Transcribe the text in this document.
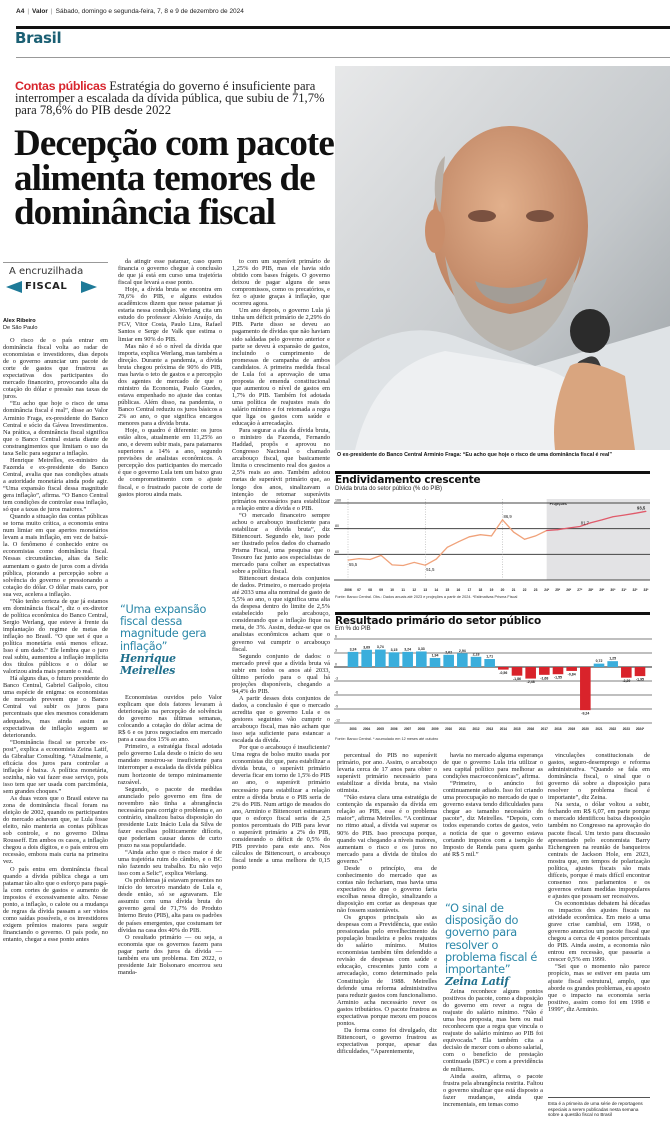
A4 | Valor | Sábado, domingo e segunda-feira, 7, 8 e 9 de dezembro de 2024
Brasil
Contas públicas Estratégia do governo é insuficiente para interromper a escalada da dívida pública, que subiu de 71,7% para 78,6% do PIB desde 2022
Decepção com pacote alimenta temores de dominância fiscal
O ex-presidente do Banco Central Arminio Fraga: “Eu acho que hoje o risco de uma dominância fiscal é real”
Endividamento crescente
Dívida bruta do setor público (% do PIB)
Projeções
100
80
60
55,5
51,5
86,9
81,7
93,5
2006 07 08 09 10 11 12 13 14 15 16 17 18 19 20 21 22 23 24* 25* 26* 27* 28* 29* 30* 31* 32* 33*
Fonte: Banco Central. Obs.: Dados anuais até 2023 e projeções a partir de 2024. *Estimativas Prisma Fiscal
Resultado primário do setor público
Em % do PIB
6
3
0
-3
-6
-9
-12
3,24
2003
3,69
2004
3,74
2005
3,15
2006
3,24
2007
3,33
2008
1,94
2009
2,62
2010
2,94
2011
2,18
2012
1,71
2013
-0,56
2014
-1,86
2015
-2,48
2016
-1,68
2017
-1,55
2018
-0,84
2019
-9,24
2020
0,72
2021
1,25
2022
-2,29
2023
-1,95
2024*
Fonte: Banco Central. * acumulado em 12 meses até outubro
A encruzilhada
FISCAL
Alex Ribeiro
De São Paulo

O risco de o país entrar em dominância fiscal volta ao radar de economistas e investidores, dias depois de o governo anunciar um pacote de corte de gastos que frustrou as expectativas dos participantes do mercado financeiro, provocando alta da cotação do dólar e pressão nas taxas de juros.

“Eu acho que hoje o risco de uma dominância fiscal é real”, disse ao Valor Arminio Fraga, ex-presidente do Banco Central e sócio da Gávea Investimentos. Na prática, a dominância fiscal significa que o Banco Central estaria diante de constrangimentos que limitam o uso da taxa Selic para segurar a inflação.

Henrique Meirelles, ex-ministro da Fazenda e ex-presidente do Banco Central, avalia que nas condições atuais a autoridade monetária ainda pode agir. “Uma expansão fiscal dessa magnitude gera inflação”, afirma. “O Banco Central tem condições de controlar essa inflação, só que a taxas de juros maiores.”

Quando a situação das contas públicas se torna muito crítica, a economia entra num limiar em que apertos monetários levam a mais inflação, em vez de baixá-la. O fenômeno é conhecido entre os economistas como dominância fiscal. Nessas circunstâncias, altas da Selic aumentam o gasto de juros com a dívida pública, piorando a percepção sobre a solvência do governo e pressionando a cotação do dólar. O dólar mais caro, por sua vez, acelera a inflação.

“Não tenho certeza de que já estamos em dominância fiscal”, diz o ex-diretor de política econômica do Banco Central, Sergio Werlang, que esteve à frente da implantação do regime de metas de inflação no Brasil. “O que sei é que a política monetária está menos eficaz. Isso é um dado.” Ele lembra que o juro real subiu, aumentou a inflação implícita dos títulos públicos e o dólar se valorizou ainda mais perante o real.

Há alguns dias, o futuro presidente do Banco Central, Gabriel Galípolo, citou uma espécie de enigma: os economistas de mercado preveem que o Banco Central vai subir os juros para percentuais que eles mesmos consideram adequados, mas ainda assim as expectativas de inflação seguem se deteriorando.

“Dominância fiscal se percebe ex-post”, explica a economista Zeina Latif, da Gibraltar Consulting. “Atualmente, a eficácia dos juros para controlar a inflação é baixa. A política monetária, sozinha, não vai fazer esse serviço, pois isso tem que ser usada com parcimônia, sem grandes choques.”

As duas vezes que o Brasil esteve na zona de dominância fiscal foram na eleição de 2002, quando os participantes do mercado achavam que, se Lula fosse eleito, não manteria as contas públicas sob controle, e no governo Dilma Rousseff. Em ambos os casos, a inflação chegou a dois dígitos, e o país entrou em recessão, embora mais curta na primeira vez.

O país entra em dominância fiscal quando a dívida pública chega a um patamar tão alto que o esforço para pagá-la com cortes de gastos e aumento de impostos é excessivamente alto. Nesse ponto, a inflação, o calote ou a mudança de regras da dívida passam a ser vistos como saídas possíveis, e os investidores exigem prêmios maiores para seguir financiando o governo. O país pode, no entanto, chegar a esse ponto antes

da atingir esse patamar, caso quem financia o governo chegue à conclusão de que já está em curso uma trajetória fiscal que levará a esse ponto.

Hoje, a dívida bruta se encontra em 78,6% do PIB, e alguns estudos acadêmicos dizem que nesse patamar já estaria nessa condição. Werlang cita um estudo do professor Aloísio Araújo, da FGV, Vitor Costa, Paulo Lins, Rafael Santos e Serge de Valk que estima o limiar em 90% do PIB.

Mas não é só o nível da dívida que importa, explica Werlang, mas também a direção. Durante a pandemia, a dívida bruta chegou próxima de 90% do PIB, mas havia o teto de gastos e a percepção dos agentes de mercado de que o ministro da Economia, Paulo Guedes, estava empenhado no ajuste das contas públicas. Além disso, na pandemia, o Banco Central reduziu os juros básicos a 2% ao ano, o que significa encargos menores para a dívida bruta.

Hoje, o quadro é diferente: os juros estão altos, atualmente em 11,25% ao ano, e devem subir mais, para patamares superiores a 14% a ano, segundo previsões de analistas econômicos. A percepção dos participantes do mercado é que o governo Lula tem um baixo grau de comprometimento com o ajuste fiscal, e o frustrado pacote de corte de gastos piorou ainda mais.

“Uma expansão fiscal dessa magnitude gera inflação”
Henrique Meirelles

Economistas ouvidos pelo Valor explicam que dois fatores levaram à deterioração na percepção de solvência do governo nas últimas semanas, colocando a cotação do dólar acima de R$ 6 e os juros negociados em mercado para a casa dos 15% ao ano.

Primeiro, a estratégia fiscal adotada pelo governo Lula desde o início do seu mandato mostrou-se insuficiente para interromper a escalada da dívida pública num horizonte de tempo minimamente razoável.

Segundo, o pacote de medidas anunciado pelo governo em fins de novembro não tinha a abrangência necessária para corrigir o problema e, ao contrário, sinalizou baixa disposição do presidente Luiz Inácio Lula da Silva de fazer escolhas politicamente difíceis, que poderiam causar danos de curto prazo na sua popularidade.

“Ainda acho que o risco maior é de uma trajetória ruim do câmbio, e o BC não fazendo seu trabalho. Eu não vejo isso com a Selic”, explica Werlang.

Os problemas já estavam presentes no início do terceiro mandato de Lula e, desde então, só se agravaram. Ele assumiu com uma dívida bruta do governo geral de 71,7% do Produto Interno Bruto (PIB), alta para os padrões de países emergentes, que costumam ter dívidas na casa dos 40% do PIB.

O resultado primário — ou seja, a economia que os governos fazem para pagar parte dos juros da dívida — também era um problema. Em 2022, o presidente Jair Bolsonaro encerrou seu manda-

to com um superávit primário de 1,25% do PIB, mas ele havia sido obtido com bases frágeis. O governo deixou de pagar alguns de seus compromissos, como os precatórios, e fez o ajuste graças à inflação, que ocorreu agora.

Um ano depois, o governo Lula já tinha um déficit primário de 2,29% do PIB. Parte disso se deveu ao pagamento de dívidas que não haviam sido saldadas pelo governo anterior e parte se deveu à expansão de gastos, incluindo o cumprimento de promessas de campanha de ambos candidatos. A primeira medida fiscal de Lula foi a aprovação de uma proposta de emenda constitucional que aumentou o nível de gastos em 1,7% do PIB. Também foi adotada uma política de reajustes reais do salário mínimo e foi retomada a regra que liga os gastos com saúde e educação à arrecadação.

Para segurar a alta da dívida bruta, o ministro da Fazenda, Fernando Haddad, propôs e aprovou no Congresso Nacional o chamado arcabouço fiscal, que basicamente limita o crescimento real dos gastos a 2,5% reais ao ano. Também adotou metas de superávit primário que, ao longo dos anos, sinalizavam a intenção de retomar superávits primários necessários para estabilizar a relação entre a dívida e o PIB.

“O mercado financeiro sempre achou o arcabouço insuficiente para estabilizar a dívida bruta”, diz Bittencourt. Segundo ele, isso pode ser ilustrado pelos dados do chamado Prisma Fiscal, uma pesquisa que o Tesouro faz junto aos especialistas de mercado para colher as expectativas sobre a política fiscal.

Bittencourt destaca dois conjuntos de dados. Primeiro, o mercado projeta até 2033 uma alta nominal de gasto de 5,5% ao ano, o que significa uma alta da despesa dentro do limite de 2,5% estabelecido pelo arcabouço, considerando que a inflação fique na meta, de 3%. Assim, deduz-se que os analistas econômicos acham que o governo vai cumprir o arcabouço fiscal.

Segundo conjunto de dados: o mercado prevê que a dívida bruta vá subir em todos os anos até 2033, último período para o qual há projeções disponíveis, chegando a 94,4% do PIB.

A partir desses dois conjuntos de dados, a conclusão é que o mercado acredita que o governo Lula e os gestores seguintes vão cumprir o arcabouço fiscal, mas não acham que isso seja suficiente para estancar a escalada da dívida.

Por que o arcabouço é insuficiente? Uma regra de bolso muito usada por economistas diz que, para estabilizar a dívida bruta, o superávit primário deveria ficar em torno de 1,5% do PIB ao ano, o superávit primário necessário para estabilizar a relação entre a dívida bruta e o PIB seria de 2% do PIB. Num artigo de meados do ano, Arminio e Bittencourt estimaram que o esforço fiscal seria de 2,5 pontos percentuais do PIB para levar o superávit primário a 2% do PIB, considerando o déficit de 0,5% do PIB previsto para este ano. Nos cálculos de Bittencourt, o arcabouço fiscal tende a uma melhora de 0,15 ponto

percentual do PIB no superávit primário, por ano. Assim, o arcabouço levaria cerca de 17 anos para obter o superávit primário necessário para estabilizar a dívida bruta, na visão otimista.

“Não estava clara uma estratégia de contenção da expansão da dívida em relação ao PIB, esse é o problema maior”, afirma Meirelles. “A continuar no ritmo atual, a dívida vai superar os 90% do PIB. Isso preocupa porque, quando vai chegando a níveis maiores, aumentam o risco e os juros no mercado para a dívida de títulos do governo.”

Desde o princípio, era de conhecimento do mercado que as contas não fechariam, mas havia uma expectativa de que o governo faria escolhas nessa direção, sinalizando a disposição em cortar as despesas que não fossem sustentáveis.

Os grupos principais são as despesas com a Previdência, que estão pressionadas pelo envelhecimento da população brasileira e pelos reajustes do salário mínimo. Muitos economistas também têm defendido a revisão de despesas com saúde e educação, crescentes junto com a arrecadação, como determinado pela Constituição de 1988. Meirelles defende uma reforma administrativa para reduzir gastos com funcionalismo. Arminio acha necessário rever os gastos tributários. O pacote frustrou as expectativas porque mexeu em poucos pontos.

Da forma como foi divulgado, diz Bittencourt, o governo frustrou as expectativas porque, apesar das dificuldades, “Aparentemente,

havia no mercado alguma esperança de que o governo Lula iria utilizar o seu capital político para melhorar as condições macroeconômicas”, afirma.

“Primeiro, o anúncio foi continuamente adiado. Isso foi criando uma preocupação no mercado de que o governo estava tendo dificuldades para chegar ao tamanho necessário do pacote”, diz Meirelles. “Depois, com todos esperando cortes de gastos, veio a notícia de que o governo estava cortando impostos com a isenção de Imposto de Renda para quem ganha até R$ 5 mil.”

“O sinal de disposição do governo para resolver o problema fiscal é importante”
Zeina Latif

Zeina reconhece alguns pontos positivos do pacote, como a disposição do governo em rever a regra de reajuste do salário mínimo. “Não é uma boa proposta, mas bem ou mal reconhecem que a regra que vincula o reajuste do salário mínimo ao PIB foi equivocada.” Ela também cita a decisão de mexer com o abono salarial, com o benefício de prestação continuada (BPC) e com a previdência de militares.

Ainda assim, afirma, o pacote frustra pela abrangência restrita. Faltou o governo sinalizar que está disposto a fazer mudanças, ainda que incrementais, em temas como

vinculações constitucionais de gastos, seguro-desemprego e reforma administrativa. “Quando se fala em dominância fiscal, o sinal que o governo dá sobre a disposição para resolver o problema fiscal é importante”, diz Zeina.

Na sexta, o dólar voltou a subir, fechando em R$ 6,07, em parte porque o mercado identificou baixa disposição também no Congresso na aprovação do pacote fiscal. Um texto para discussão apresentado pelo economista Barry Eichengreen na reunião de banqueiros centrais de Jackson Hole, em 2023, mostra que, em tempos de polarização política, ajustes fiscais são mais difíceis, porque é mais difícil encontrar consenso nos parlamentos e os governos evitam medidas impopulares e ajustes que possam ser recessivos.

Os economistas debatem há décadas os impactos dos ajustes fiscais na atividade econômica. Em meio a uma grave crise cambial, em 1998, o governo anunciou um pacote fiscal que chegou a cerca de 4 pontos percentuais do PIB. Ainda assim, a economia não entrou em recessão, que passaria a crescer 0,5% em 1999.

“Sei que o momento não parece propício, mas se estiver em pauta um ajuste fiscal estrutural, amplo, que aborde os grandes problemas, eu aposto que o impacto na economia seria positivo, assim como foi em 1998 e 1999”, diz Arminio.

Esta é a primeira de uma série de reportagens especiais a serem publicadas nesta semana sobre a questão fiscal no Brasil
